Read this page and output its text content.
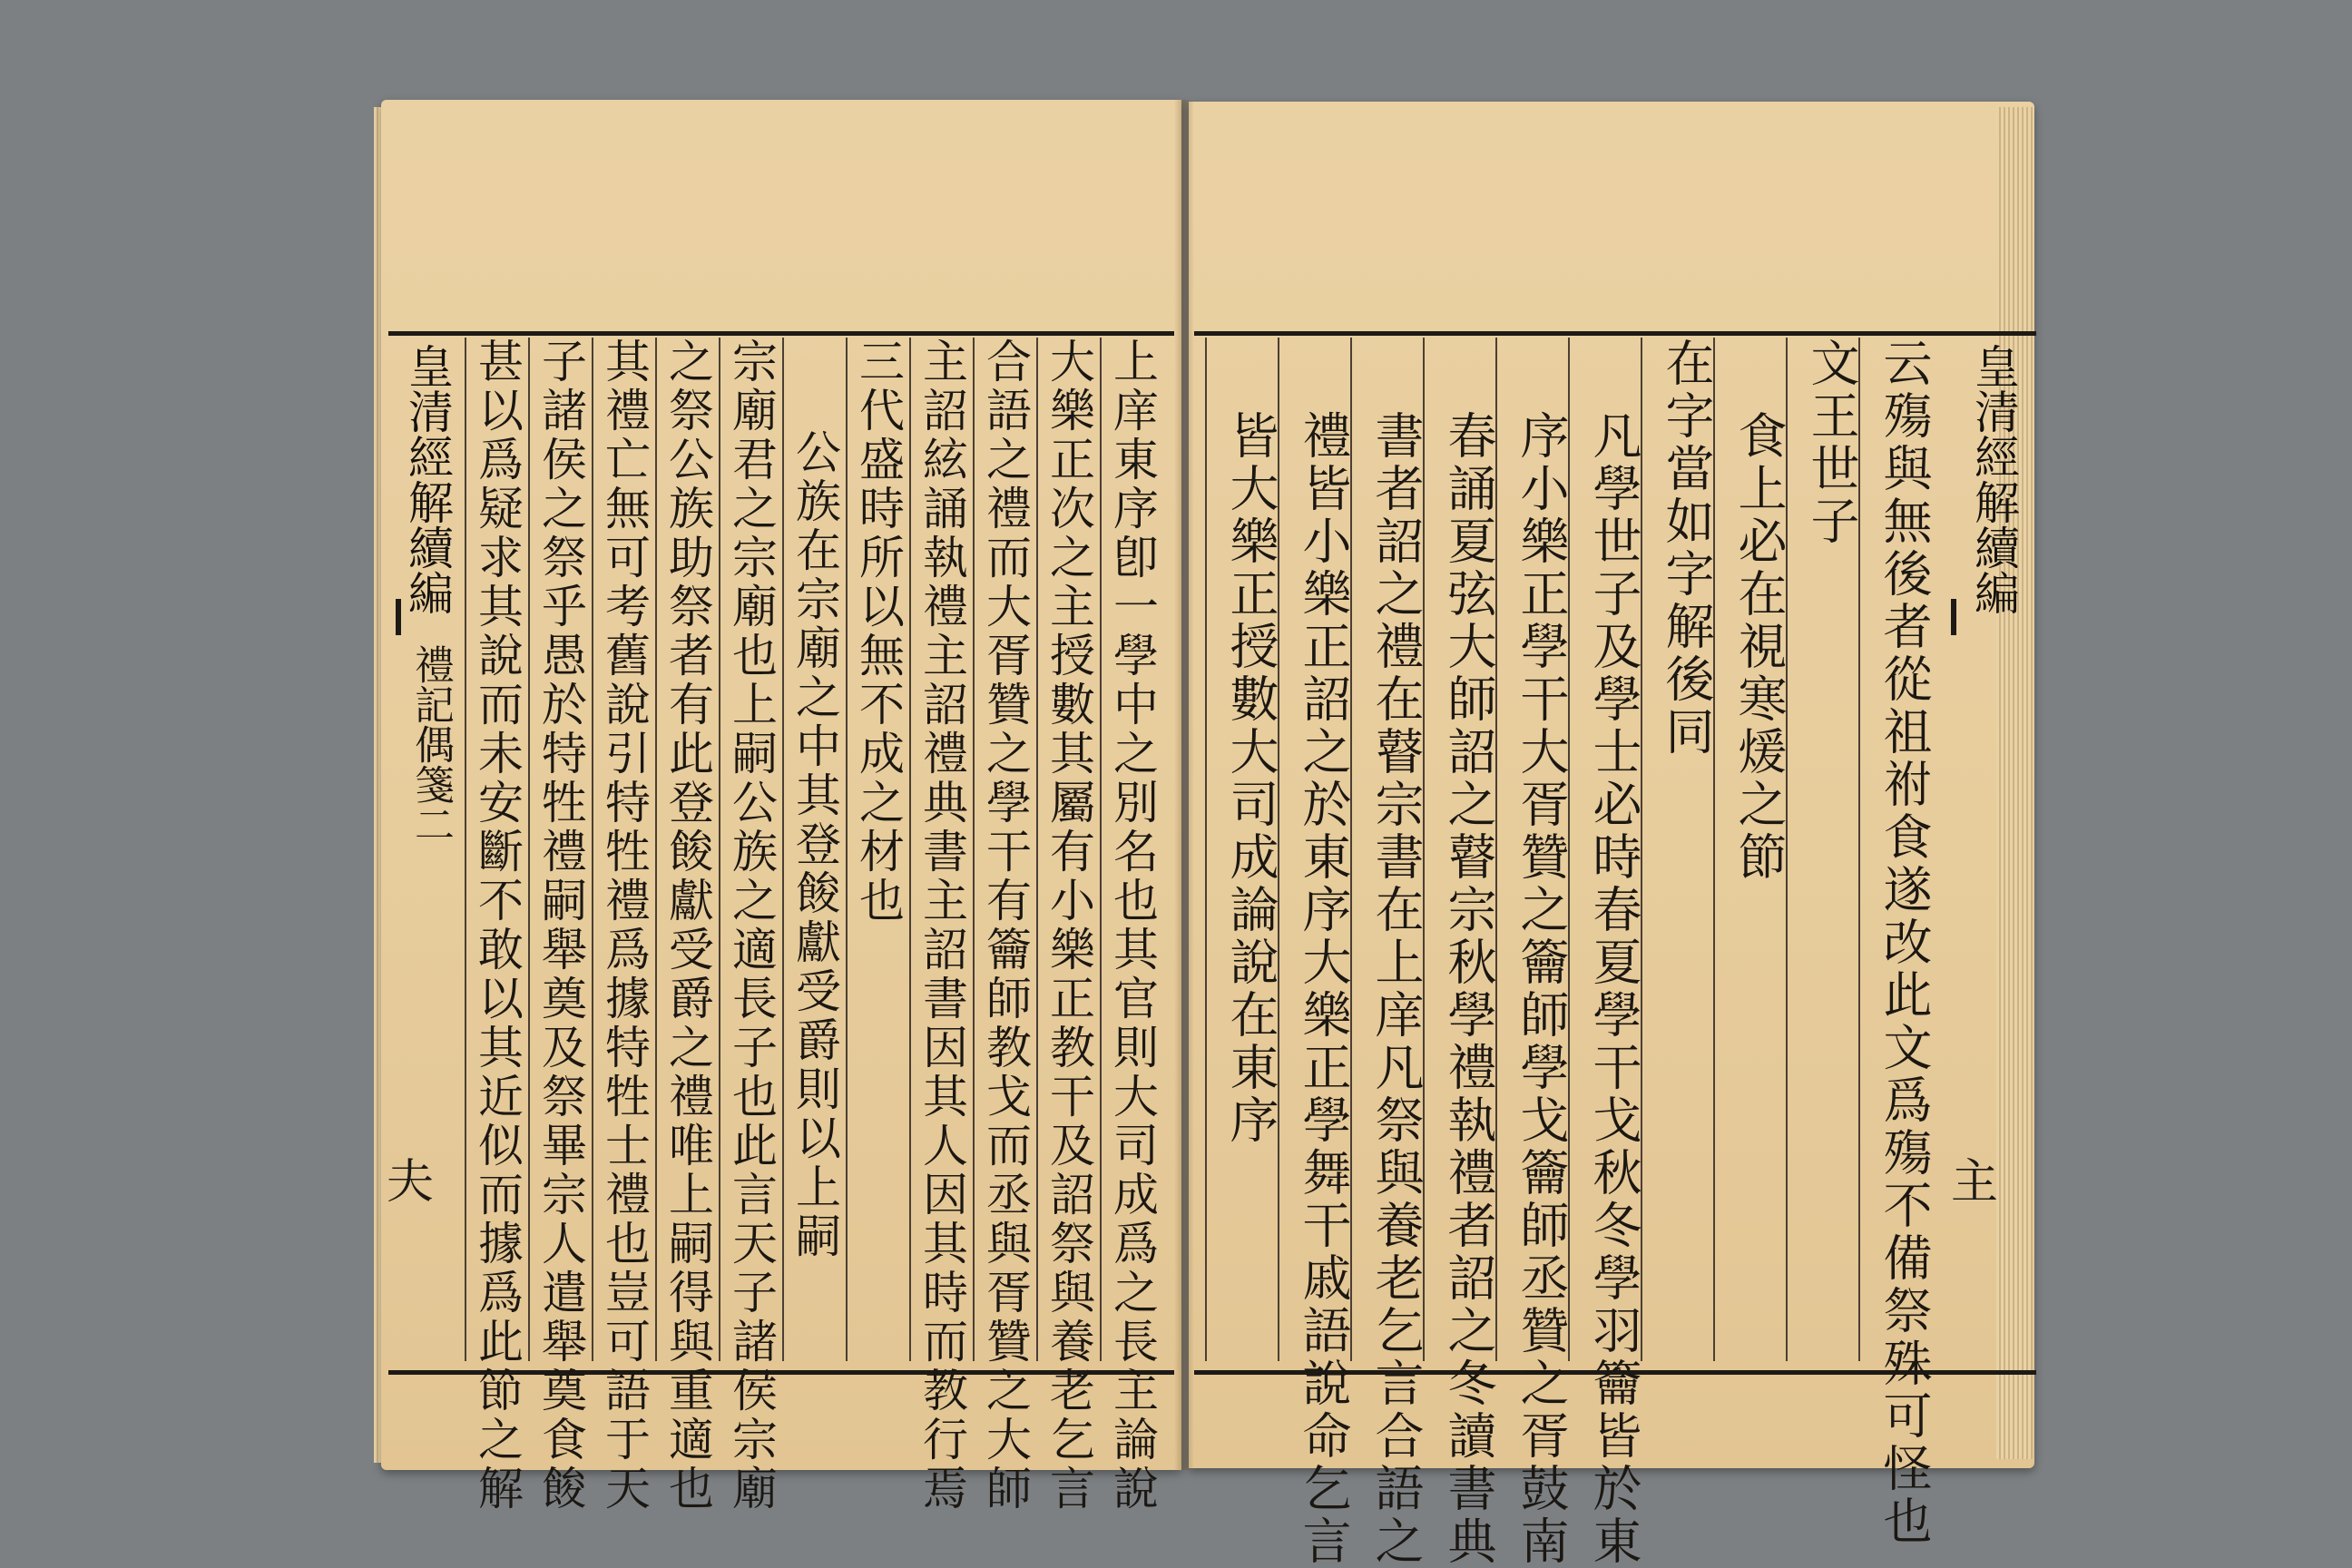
皇清經解續編
禮記偶箋二
夫	上庠東序卽一學中之別名也其官則大司成爲之長主論說
大樂正次之主授數其屬有小樂正教干及詔祭與養老乞言
合語之禮而大胥贊之學干有籥師教戈而丞與胥贊之大師
主詔絃誦執禮主詔禮典書主詔書因其人因其時而教行焉
三代盛時所以無不成之材也
公族在宗廟之中其登餕獻受爵則以上嗣
宗廟君之宗廟也上嗣公族之適長子也此言天子諸侯宗廟
之祭公族助祭者有此登餕獻受爵之禮唯上嗣得與重適也
其禮亡無可考舊說引特牲禮爲據特牲士禮也豈可語于天
子諸侯之祭乎愚於特牲禮嗣舉奠及祭畢宗人遣舉奠食餕	皇清經解續編
主
云殤與無後者從祖祔食遂改此文爲殤不備祭殊可怪也
文王世子
食上必在視寒煖之節
在字當如字解後同
凡學世子及學士必時春夏學干戈秋冬學羽籥皆於東
序小樂正學干大胥贊之籥師學戈籥師丞贊之胥鼓南
春誦夏弦大師詔之瞽宗秋學禮執禮者詔之冬讀書典
書者詔之禮在瞽宗書在上庠凡祭與養老乞言合語之
禮皆小樂正詔之於東序大樂正學舞干戚語說命乞言
皆大樂正授數大司成論說在東序
甚以爲疑求其說而未安斷不敢以其近似而據爲此節之解
